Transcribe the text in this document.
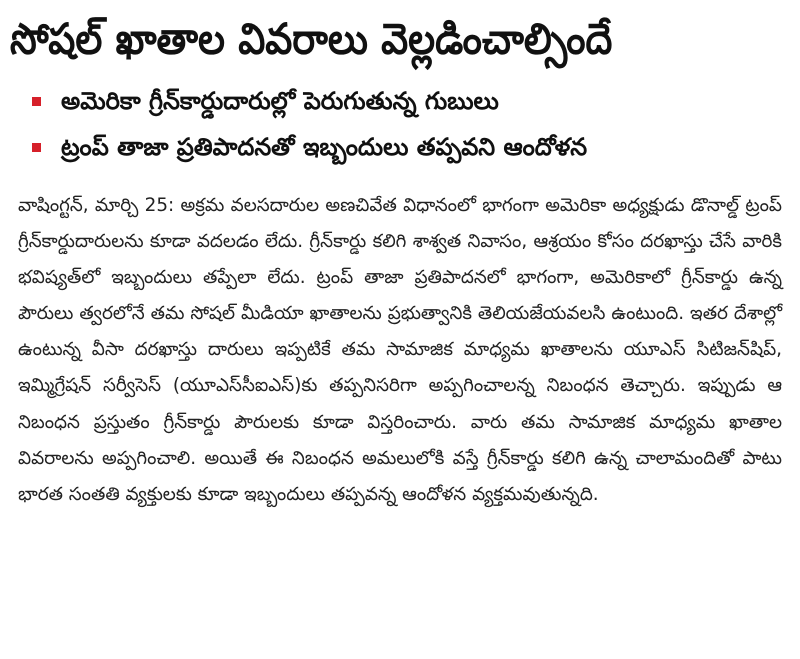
సోషల్ ఖాతాల వివరాలు వెల్లడించాల్సిందే
అమెరికా గ్రీన్‌కార్డుదారుల్లో పెరుగుతున్న గుబులు
ట్రంప్ తాజా ప్రతిపాదనతో ఇబ్బందులు తప్పవని ఆందోళన

వాషింగ్టన్, మార్చి 25: అక్రమ వలసదారుల అణచివేత విధానంలో భాగంగా అమెరికా అధ్యక్షుడు డొనాల్డ్ ట్రంప్ గ్రీన్‌కార్డుదారులను కూడా వదలడం లేదు. గ్రీన్‌కార్డు కలిగి శాశ్వత నివాసం, ఆశ్రయం కోసం దరఖాస్తు చేసే వారికి భవిష్యత్‌లో ఇబ్బందులు తప్పేలా లేదు. ట్రంప్ తాజా ప్రతిపాదనలో భాగంగా, అమెరికాలో గ్రీన్‌కార్డు ఉన్న పౌరులు త్వరలోనే తమ సోషల్ మీడియా ఖాతాలను ప్రభుత్వానికి తెలియజేయవలసి ఉంటుంది. ఇతర దేశాల్లో ఉంటున్న వీసా దరఖాస్తు దారులు ఇప్పటికే తమ సామాజిక మాధ్యమ ఖాతాలను యూఎస్ సిటిజన్‌షిప్, ఇమ్మిగ్రేషన్ సర్వీసెస్ (యూఎస్‌సీఐఎస్)కు తప్పనిసరిగా అప్పగించాలన్న నిబంధన తెచ్చారు. ఇప్పుడు ఆ నిబంధన ప్రస్తుతం గ్రీన్‌కార్డు పౌరులకు కూడా విస్తరించారు. వారు తమ సామాజిక మాధ్యమ ఖాతాల వివరాలను అప్పగించాలి. అయితే ఈ నిబంధన అమలులోకి వస్తే గ్రీన్‌కార్డు కలిగి ఉన్న చాలామందితో పాటు భారత సంతతి వ్యక్తులకు కూడా ఇబ్బందులు తప్పవన్న ఆందోళన వ్యక్తమవుతున్నది.
